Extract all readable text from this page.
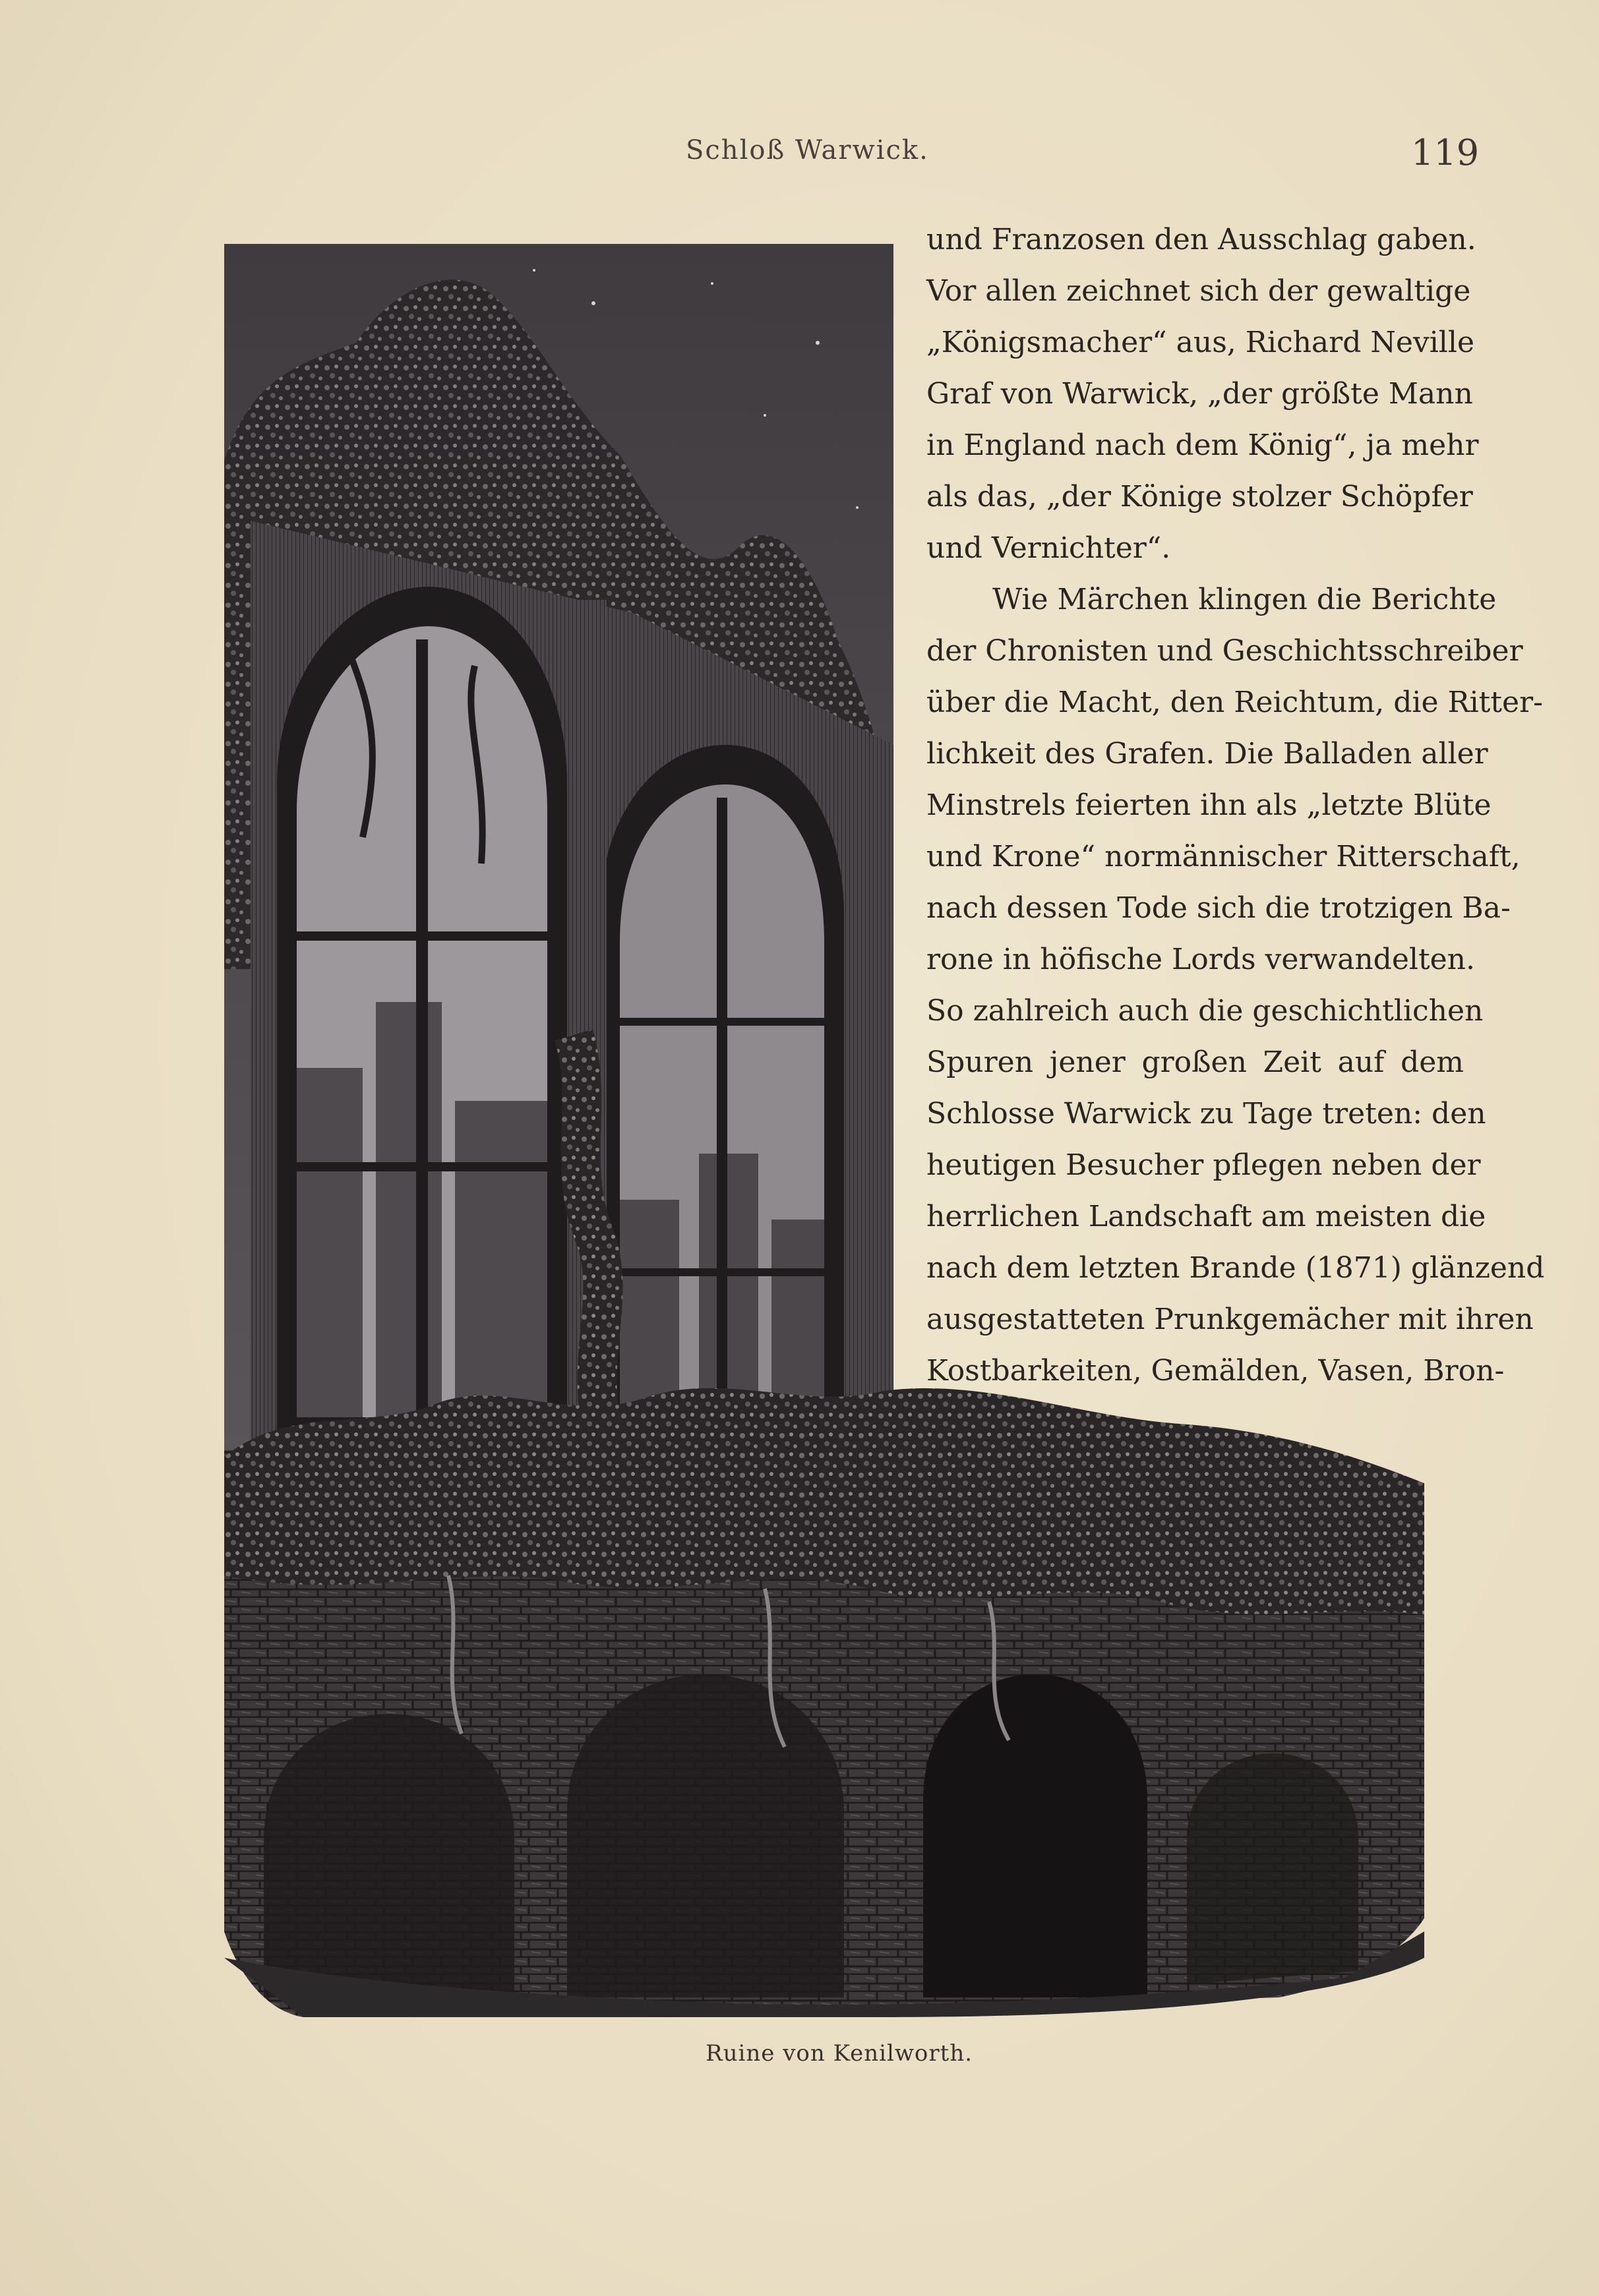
Schloß Warwick.	119
und Franzosen den Ausschlag gaben.
Vor allen zeichnet sich der gewaltige
„Königsmacher“ aus, Richard Neville
Graf von Warwick, „der größte Mann
in England nach dem König“, ja mehr
als das, „der Könige stolzer Schöpfer
und Vernichter“.
Wie Märchen klingen die Berichte
der Chronisten und Geschichtsschreiber
über die Macht, den Reichtum, die Ritter-
lichkeit des Grafen. Die Balladen aller
Minstrels feierten ihn als „letzte Blüte
und Krone“ normännischer Ritterschaft,
nach dessen Tode sich die trotzigen Ba-
rone in höfische Lords verwandelten.
So zahlreich auch die geschichtlichen
Spuren jener großen Zeit auf dem
Schlosse Warwick zu Tage treten: den
heutigen Besucher pflegen neben der
herrlichen Landschaft am meisten die
nach dem letzten Brande (1871) glänzend
ausgestatteten Prunkgemächer mit ihren
Kostbarkeiten, Gemälden, Vasen, Bron-
Ruine von Kenilworth.
